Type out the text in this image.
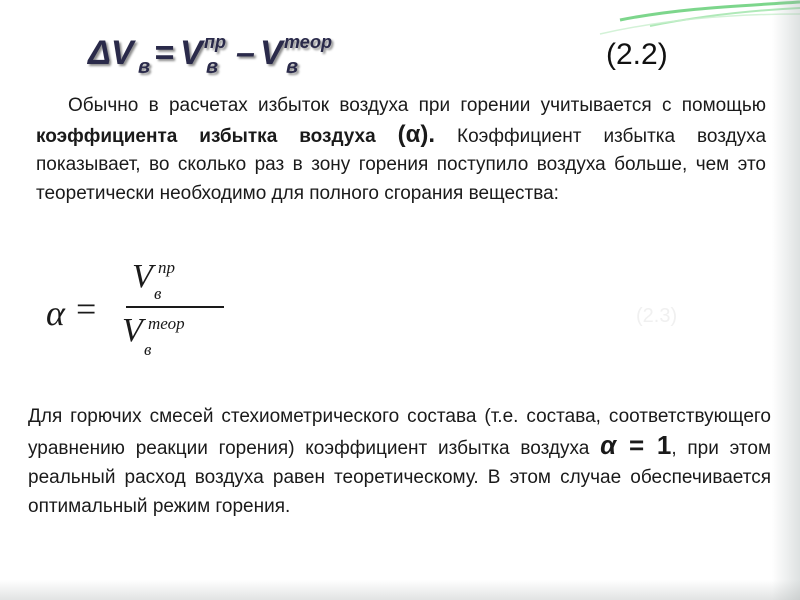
ΔV в = V пр
в – V теор
в	(2.2)
Обычно в расчетах избыток воздуха при горении учитывается с помощью коэффициента избытка воздуха (α). Коэффициент избытка воздуха показывает, во сколько раз в зону горения поступило воздуха больше, чем это теоретически необходимо для полного сгорания вещества:
α =
V пр
в
V теор
в
(2.3)
Для горючих смесей стехиометрического состава (т.е. состава, соответствующего уравнению реакции горения) коэффициент избытка воздуха α = 1, при этом реальный расход воздуха равен теоретическому. В этом случае обеспечивается оптимальный режим горения.
